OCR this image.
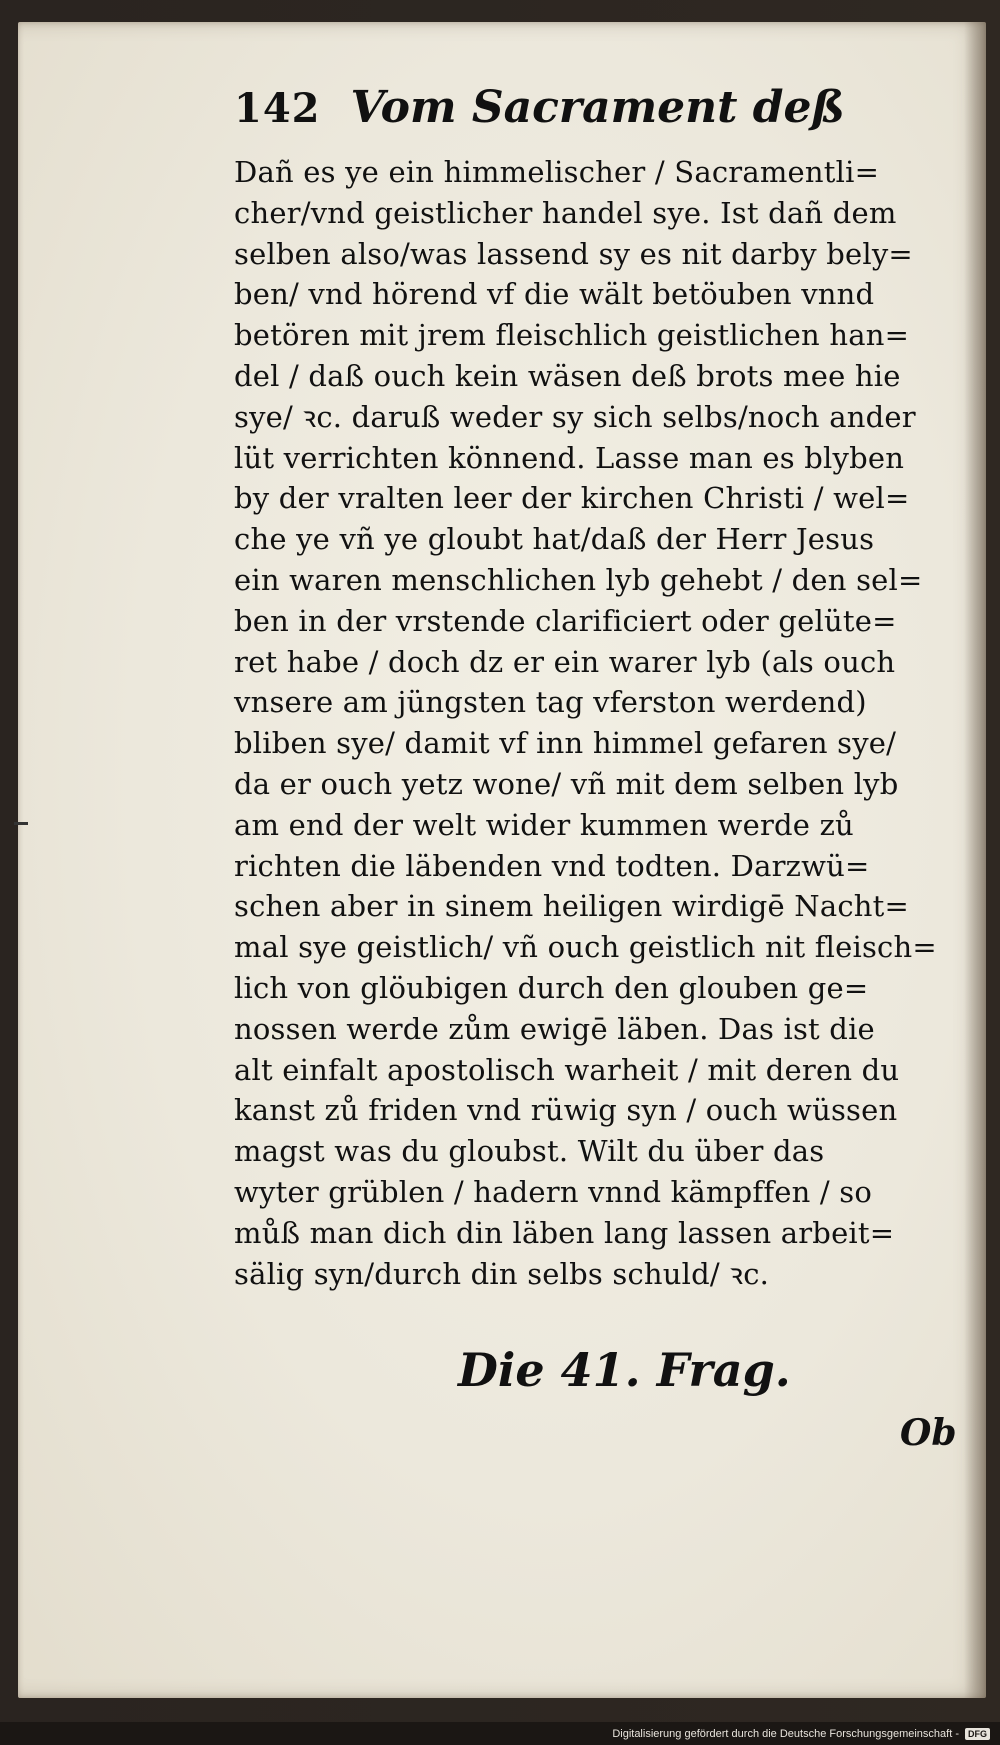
142 Vom Sacrament deß
Dañ es ye ein himmelischer / Sacramentli=
cher/vnd geistlicher handel sye. Ist dañ dem
selben also/was lassend sy es nit darby bely=
ben/ vnd hörend vf die wält betöuben vnnd
betören mit jrem fleischlich geistlichen han=
del / daß ouch kein wäsen deß brots mee hie
sye/ ꝛc. daruß weder sy sich selbs/noch ander
lüt verrichten könnend. Lasse man es blyben
by der vralten leer der kirchen Christi / wel=
che ye vñ ye gloubt hat/daß der Herr Jesus
ein waren menschlichen lyb gehebt / den sel=
ben in der vrstende clarificiert oder gelüte=
ret habe / doch dz er ein warer lyb (als ouch
vnsere am jüngsten tag vferston werdend)
bliben sye/ damit vf inn himmel gefaren sye/
da er ouch yetz wone/ vñ mit dem selben lyb
am end der welt wider kummen werde zů
richten die läbenden vnd todten. Darzwü=
schen aber in sinem heiligen wirdigē Nacht=
mal sye geistlich/ vñ ouch geistlich nit fleisch=
lich von glöubigen durch den glouben ge=
nossen werde zům ewigē läben. Das ist die
alt einfalt apostolisch warheit / mit deren du
kanst zů friden vnd rüwig syn / ouch wüssen
magst was du gloubst. Wilt du über das
wyter grüblen / hadern vnnd kämpffen / so
můß man dich din läben lang lassen arbeit=
sälig syn/durch din selbs schuld/ ꝛc.
Die 41. Frag.
Ob
Digitalisierung gefördert durch die Deutsche Forschungsgemeinschaft -	DFG
